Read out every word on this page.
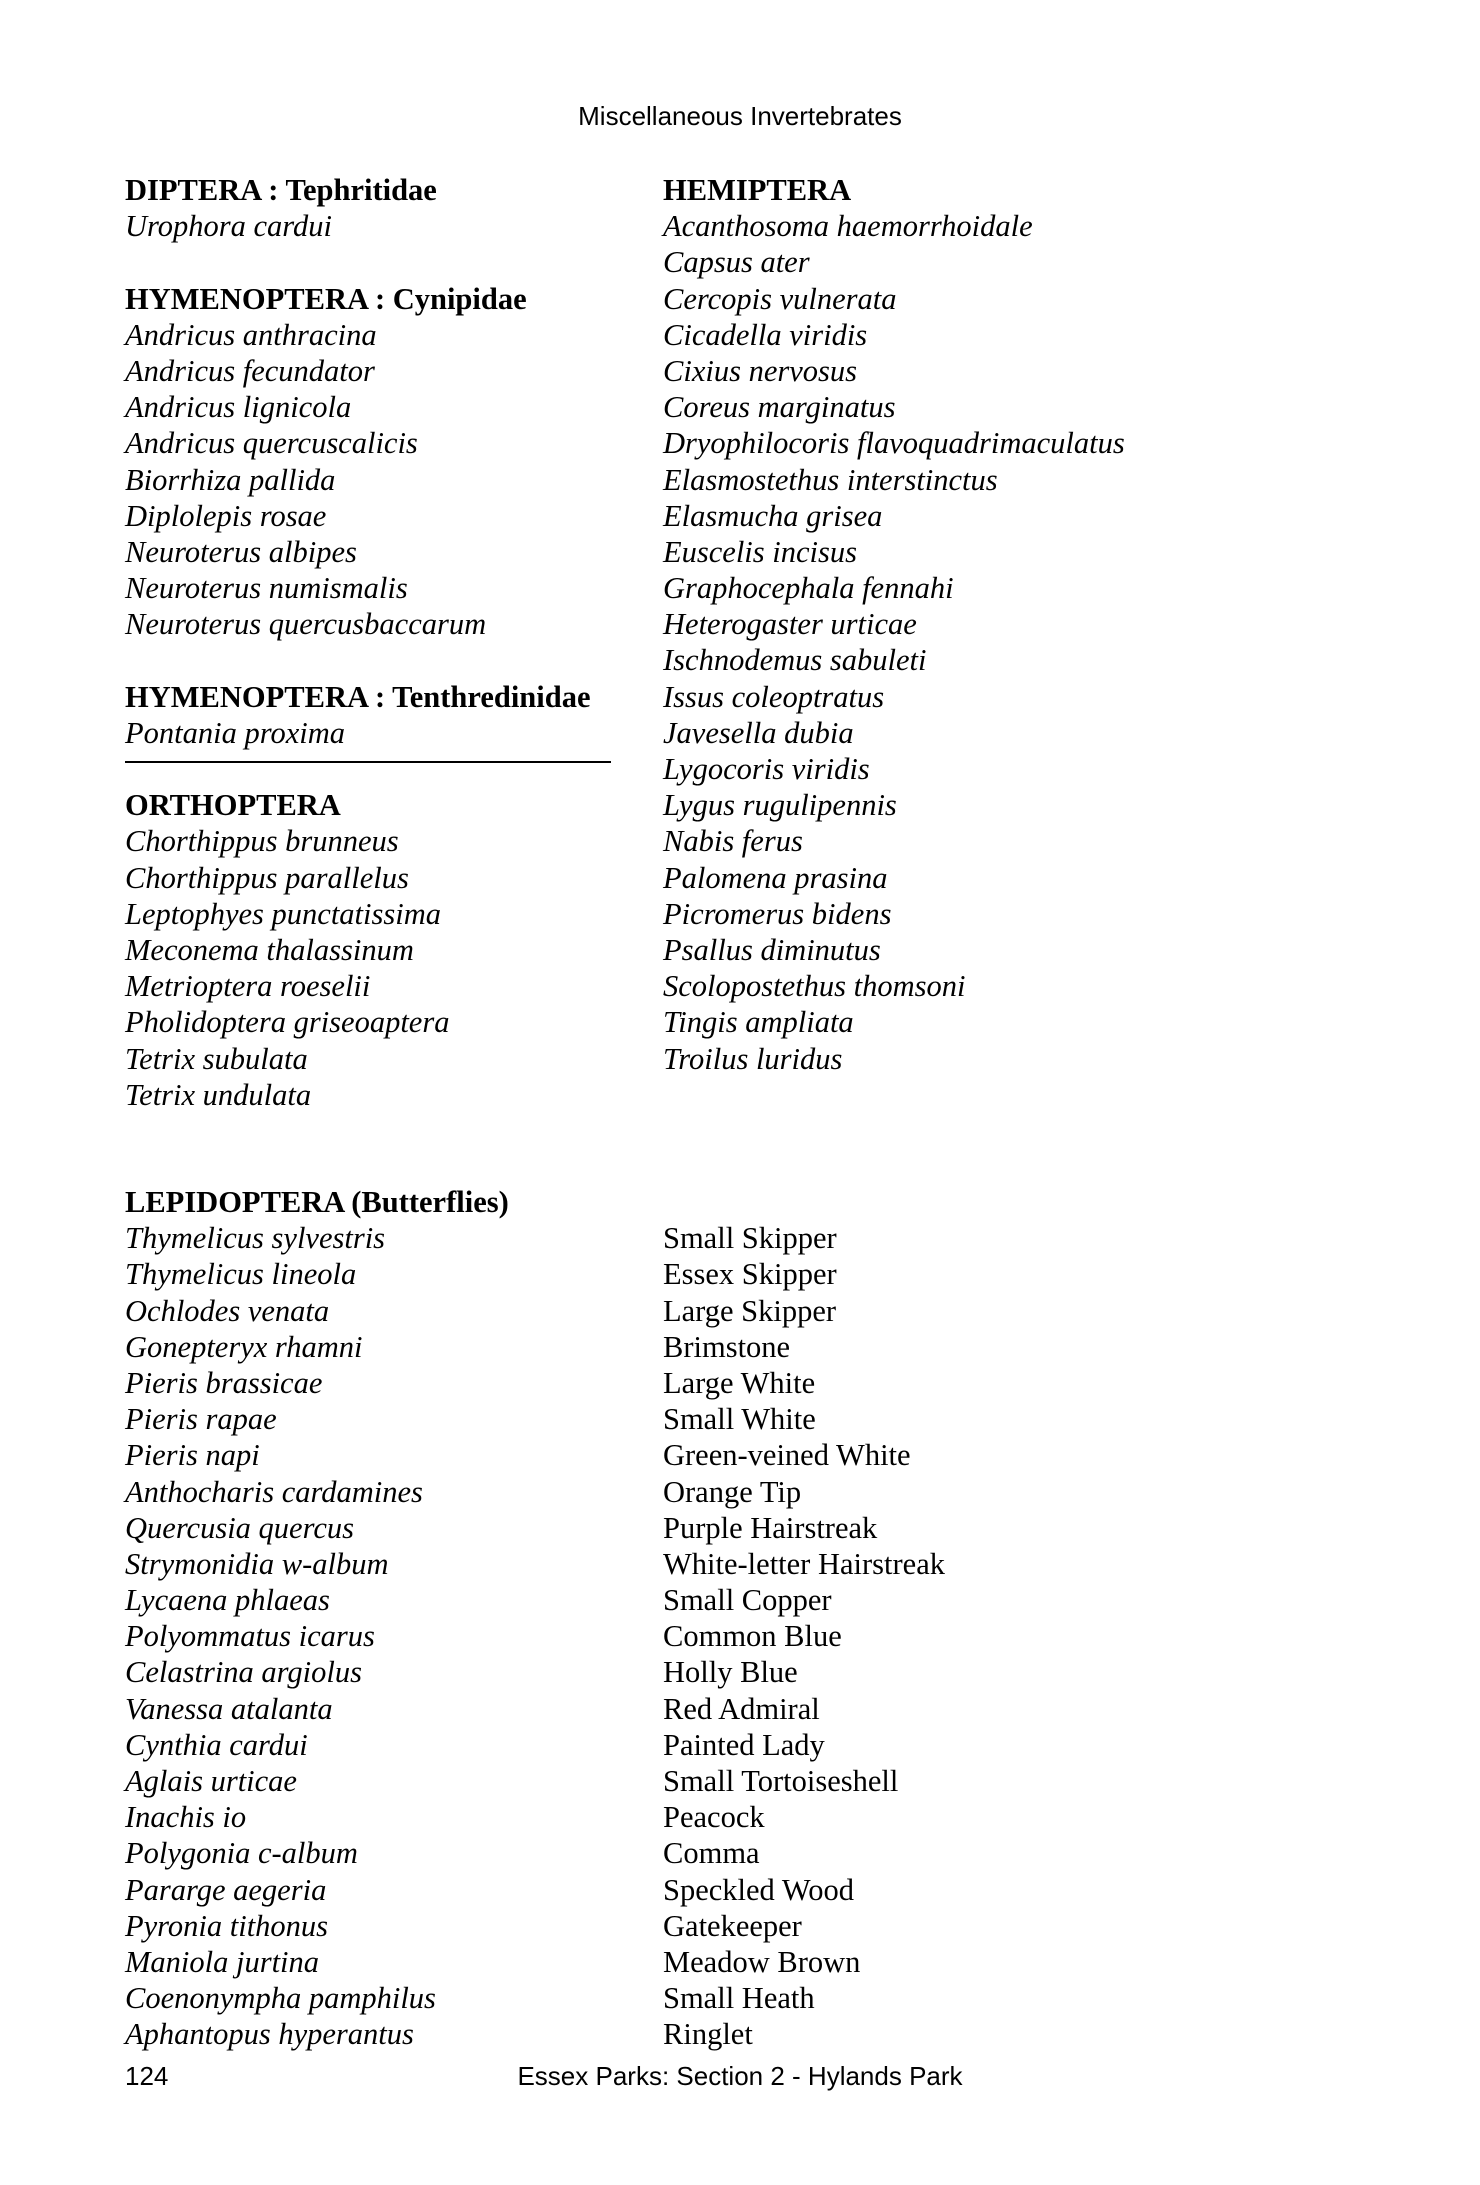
Miscellaneous Invertebrates
DIPTERA : Tephritidae
Urophora cardui
HYMENOPTERA : Cynipidae
Andricus anthracina
Andricus fecundator
Andricus lignicola
Andricus quercuscalicis
Biorrhiza pallida
Diplolepis rosae
Neuroterus albipes
Neuroterus numismalis
Neuroterus quercusbaccarum
HYMENOPTERA : Tenthredinidae
Pontania proxima
ORTHOPTERA
Chorthippus brunneus
Chorthippus parallelus
Leptophyes punctatissima
Meconema thalassinum
Metrioptera roeselii
Pholidoptera griseoaptera
Tetrix subulata
Tetrix undulata
HEMIPTERA
Acanthosoma haemorrhoidale
Capsus ater
Cercopis vulnerata
Cicadella viridis
Cixius nervosus
Coreus marginatus
Dryophilocoris flavoquadrimaculatus
Elasmostethus interstinctus
Elasmucha grisea
Euscelis incisus
Graphocephala fennahi
Heterogaster urticae
Ischnodemus sabuleti
Issus coleoptratus
Javesella dubia
Lygocoris viridis
Lygus rugulipennis
Nabis ferus
Palomena prasina
Picromerus bidens
Psallus diminutus
Scolopostethus thomsoni
Tingis ampliata
Troilus luridus
LEPIDOPTERA (Butterflies)
Thymelicus sylvestris	Small Skipper
Thymelicus lineola	Essex Skipper
Ochlodes venata	Large Skipper
Gonepteryx rhamni	Brimstone
Pieris brassicae	Large White
Pieris rapae	Small White
Pieris napi	Green-veined White
Anthocharis cardamines	Orange Tip
Quercusia quercus	Purple Hairstreak
Strymonidia w-album	White-letter Hairstreak
Lycaena phlaeas	Small Copper
Polyommatus icarus	Common Blue
Celastrina argiolus	Holly Blue
Vanessa atalanta	Red Admiral
Cynthia cardui	Painted Lady
Aglais urticae	Small Tortoiseshell
Inachis io	Peacock
Polygonia c-album	Comma
Pararge aegeria	Speckled Wood
Pyronia tithonus	Gatekeeper
Maniola jurtina	Meadow Brown
Coenonympha pamphilus	Small Heath
Aphantopus hyperantus	Ringlet
124	Essex Parks: Section 2 - Hylands Park
